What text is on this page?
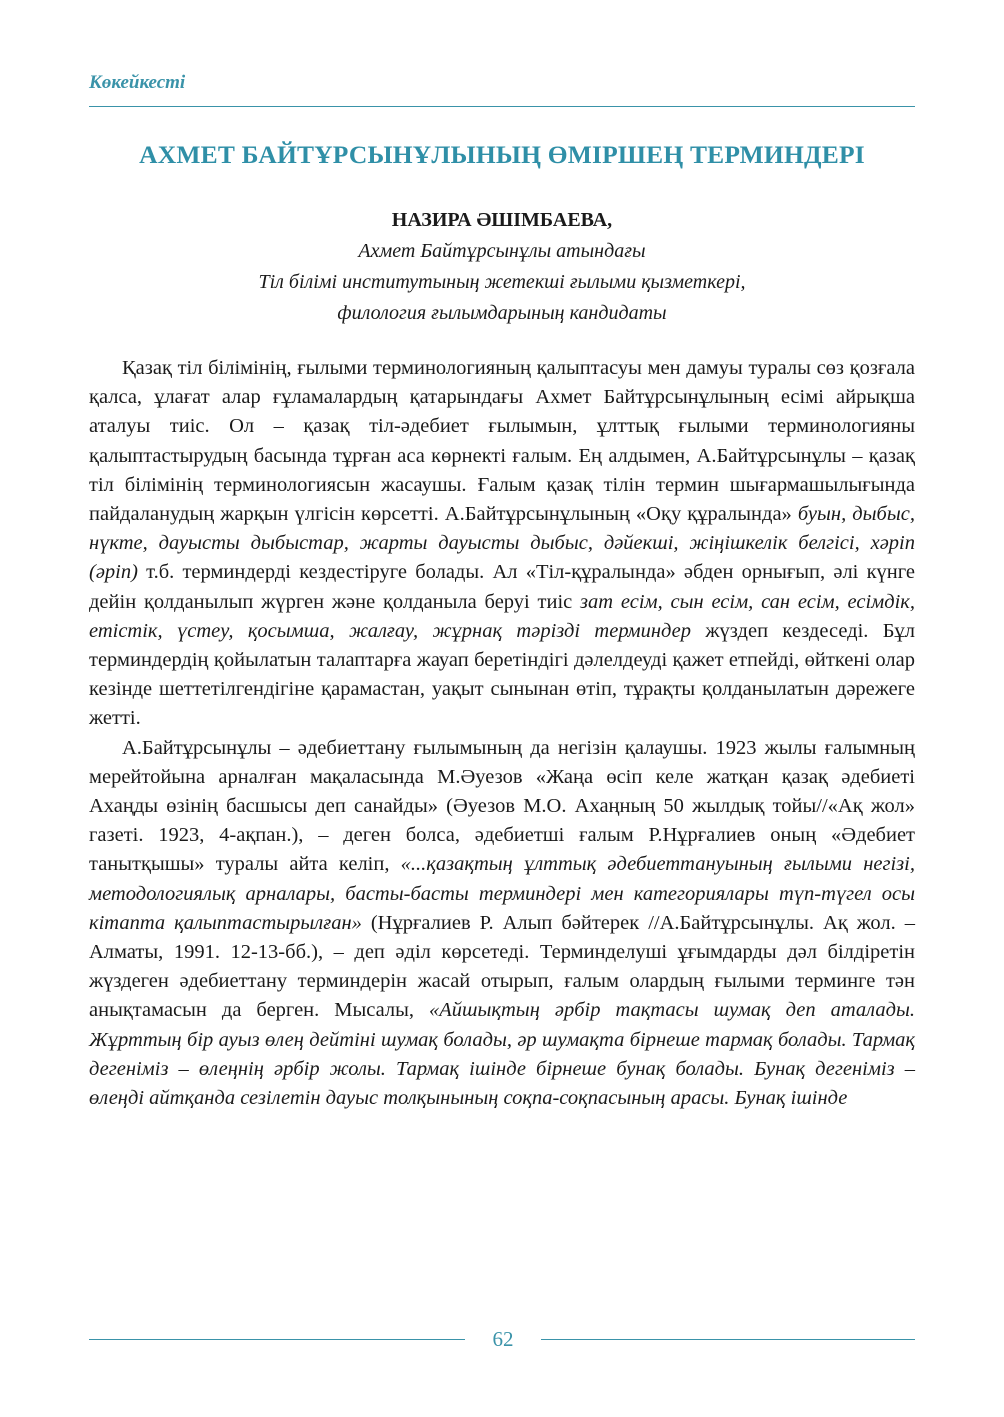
Көкейкесті
АХМЕТ БАЙТҰРСЫНҰЛЫНЫҢ ӨМІРШЕҢ ТЕРМИНДЕРІ
НАЗИРА ӘШІМБАЕВА,
Ахмет Байтұрсынұлы атындағы
Тіл білімі институтының жетекші ғылыми қызметкері,
филология ғылымдарының кандидаты

Қазақ тіл білімінің, ғылыми терминологияның қалыптасуы мен дамуы туралы сөз қозғала қалса, ұлағат алар ғұламалардың қатарындағы Ахмет Байтұрсынұлының есімі айрықша аталуы тиіс. Ол – қазақ тіл-әдебиет ғылымын, ұлттық ғылыми терминологияны қалыптастырудың басында тұрған аса көрнекті ғалым. Ең алдымен, А.Байтұрсынұлы – қазақ тіл білімінің терминологиясын жасаушы. Ғалым қазақ тілін термин шығармашылығында пайдаланудың жарқын үлгісін көрсетті. А.Байтұрсынұлының «Оқу құралында» буын, дыбыс, нүкте, дауысты дыбыстар, жарты дауысты дыбыс, дәйекші, жіңішкелік белгісі, хәріп (әріп) т.б. терминдерді кездестіруге болады. Ал «Тіл-құралында» әбден орнығып, әлі күнге дейін қолданылып жүрген және қолданыла беруі тиіс зат есім, сын есім, сан есім, есімдік, етістік, үстеу, қосымша, жалғау, жұрнақ тәрізді терминдер жүздеп кездеседі. Бұл терминдердің қойылатын талаптарға жауап беретіндігі дәлелдеуді қажет етпейді, өйткені олар кезінде шеттетілгендігіне қарамастан, уақыт сынынан өтіп, тұрақты қолданылатын дәрежеге жетті.

А.Байтұрсынұлы – әдебиеттану ғылымының да негізін қалаушы. 1923 жылы ғалымның мерейтойына арналған мақаласында М.Әуезов «Жаңа өсіп келе жатқан қазақ әдебиеті Ахаңды өзінің басшысы деп санайды» (Әуезов М.О. Ахаңның 50 жылдық тойы//«Ақ жол» газеті. 1923, 4-ақпан.), – деген болса, әдебиетші ғалым Р.Нұрғалиев оның «Әдебиет танытқышы» туралы айта келіп, «...қазақтың ұлттық әдебиеттануының ғылыми негізі, методологиялық арналары, басты-басты терминдері мен категориялары түп-түгел осы кітапта қалыптастырылған» (Нұрғалиев Р. Алып бәйтерек //А.Байтұрсынұлы. Ақ жол. –Алматы, 1991. 12-13-бб.), – деп әділ көрсетеді. Терминделуші ұғымдарды дәл білдіретін жүздеген әдебиеттану терминдерін жасай отырып, ғалым олардың ғылыми терминге тән анықтамасын да берген. Мысалы, «Айшықтың әрбір тақтасы шумақ деп аталады. Жұрттың бір ауыз өлең дейтіні шумақ болады, әр шумақта бірнеше тармақ болады. Тармақ дегеніміз – өлеңнің әрбір жолы. Тармақ ішінде бірнеше бунақ болады. Бунақ дегеніміз – өлеңді айтқанда сезілетін дауыс толқынының соқпа-соқпасының арасы. Бунақ ішінде

62
